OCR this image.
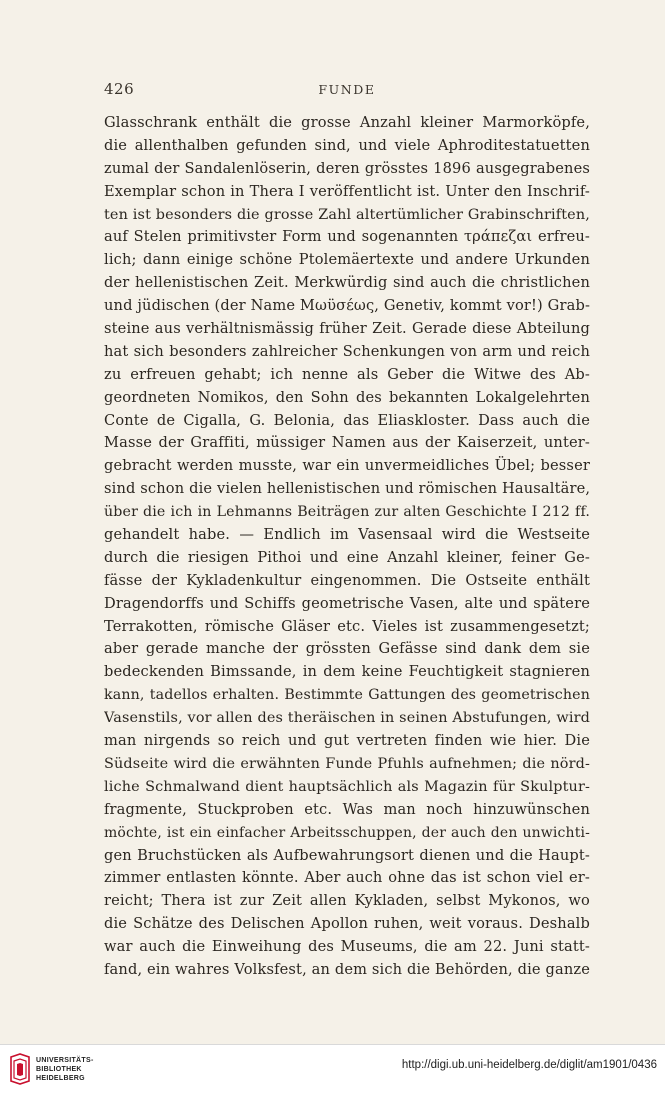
426	FUNDE
Glasschrank enthält die grosse Anzahl kleiner Marmorköpfe,
die allenthalben gefunden sind, und viele Aphroditestatuetten
zumal der Sandalenlöserin, deren grösstes 1896 ausgegrabenes
Exemplar schon in Thera I veröffentlicht ist. Unter den Inschrif-
ten ist besonders die grosse Zahl altertümlicher Grabinschriften,
auf Stelen primitivster Form und sogenannten τράπεζαι erfreu-
lich; dann einige schöne Ptolemäertexte und andere Urkunden
der hellenistischen Zeit. Merkwürdig sind auch die christlichen
und jüdischen (der Name Μωϋσέως, Genetiv, kommt vor!) Grab-
steine aus verhältnismässig früher Zeit. Gerade diese Abteilung
hat sich besonders zahlreicher Schenkungen von arm und reich
zu erfreuen gehabt; ich nenne als Geber die Witwe des Ab-
geordneten Nomikos, den Sohn des bekannten Lokalgelehrten
Conte de Cigalla, G. Belonia, das Eliaskloster. Dass auch die
Masse der Graffiti, müssiger Namen aus der Kaiserzeit, unter-
gebracht werden musste, war ein unvermeidliches Übel; besser
sind schon die vielen hellenistischen und römischen Hausaltäre,
über die ich in Lehmanns Beiträgen zur alten Geschichte I 212 ff.
gehandelt habe. — Endlich im Vasensaal wird die Westseite
durch die riesigen Pithoi und eine Anzahl kleiner, feiner Ge-
fässe der Kykladenkultur eingenommen. Die Ostseite enthält
Dragendorffs und Schiffs geometrische Vasen, alte und spätere
Terrakotten, römische Gläser etc. Vieles ist zusammengesetzt;
aber gerade manche der grössten Gefässe sind dank dem sie
bedeckenden Bimssande, in dem keine Feuchtigkeit stagnieren
kann, tadellos erhalten. Bestimmte Gattungen des geometrischen
Vasenstils, vor allen des theräischen in seinen Abstufungen, wird
man nirgends so reich und gut vertreten finden wie hier. Die
Südseite wird die erwähnten Funde Pfuhls aufnehmen; die nörd-
liche Schmalwand dient hauptsächlich als Magazin für Skulptur-
fragmente, Stuckproben etc. Was man noch hinzuwünschen
möchte, ist ein einfacher Arbeitsschuppen, der auch den unwichti-
gen Bruchstücken als Aufbewahrungsort dienen und die Haupt-
zimmer entlasten könnte. Aber auch ohne das ist schon viel er-
reicht; Thera ist zur Zeit allen Kykladen, selbst Mykonos, wo
die Schätze des Delischen Apollon ruhen, weit voraus. Deshalb
war auch die Einweihung des Museums, die am 22. Juni statt-
fand, ein wahres Volksfest, an dem sich die Behörden, die ganze
UNIVERSITÄTS-
BIBLIOTHEK
HEIDELBERG
http://digi.ub.uni-heidelberg.de/diglit/am1901/0436
